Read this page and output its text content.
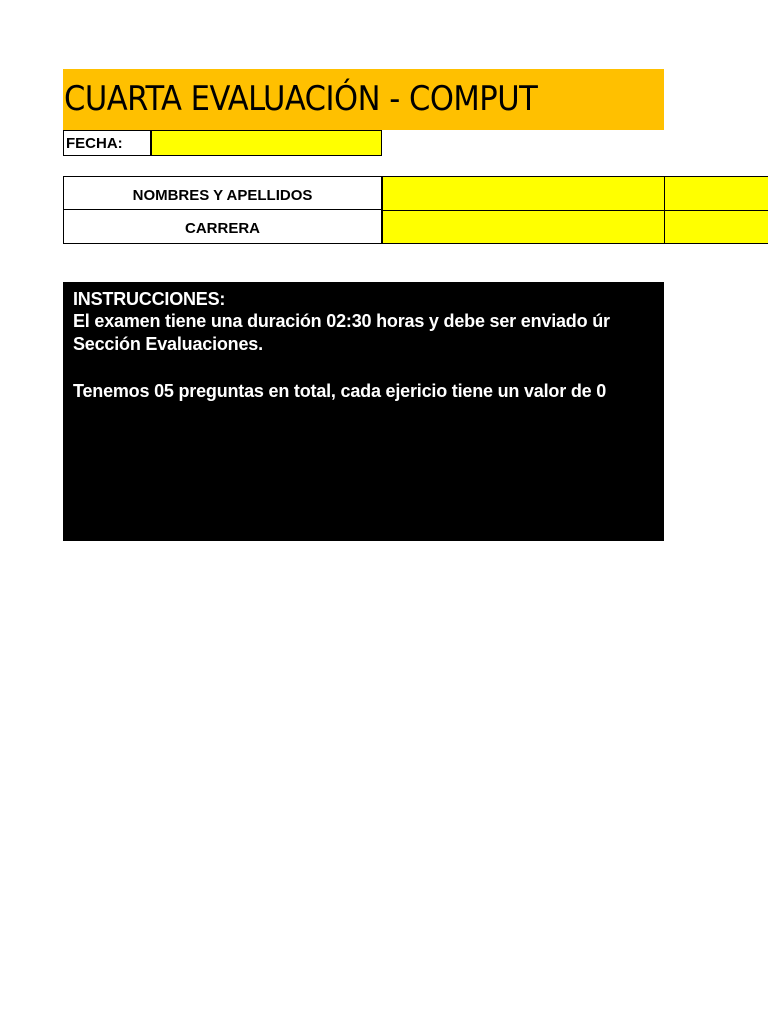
CUARTA EVALUACIÓN - COMPUT
FECHA:
NOMBRES Y APELLIDOS
CARRERA
INSTRUCCIONES:
El examen tiene una duración 02:30 horas y debe ser enviado úr
Sección Evaluaciones.
Tenemos 05 preguntas en total, cada ejericio tiene un valor de 0
